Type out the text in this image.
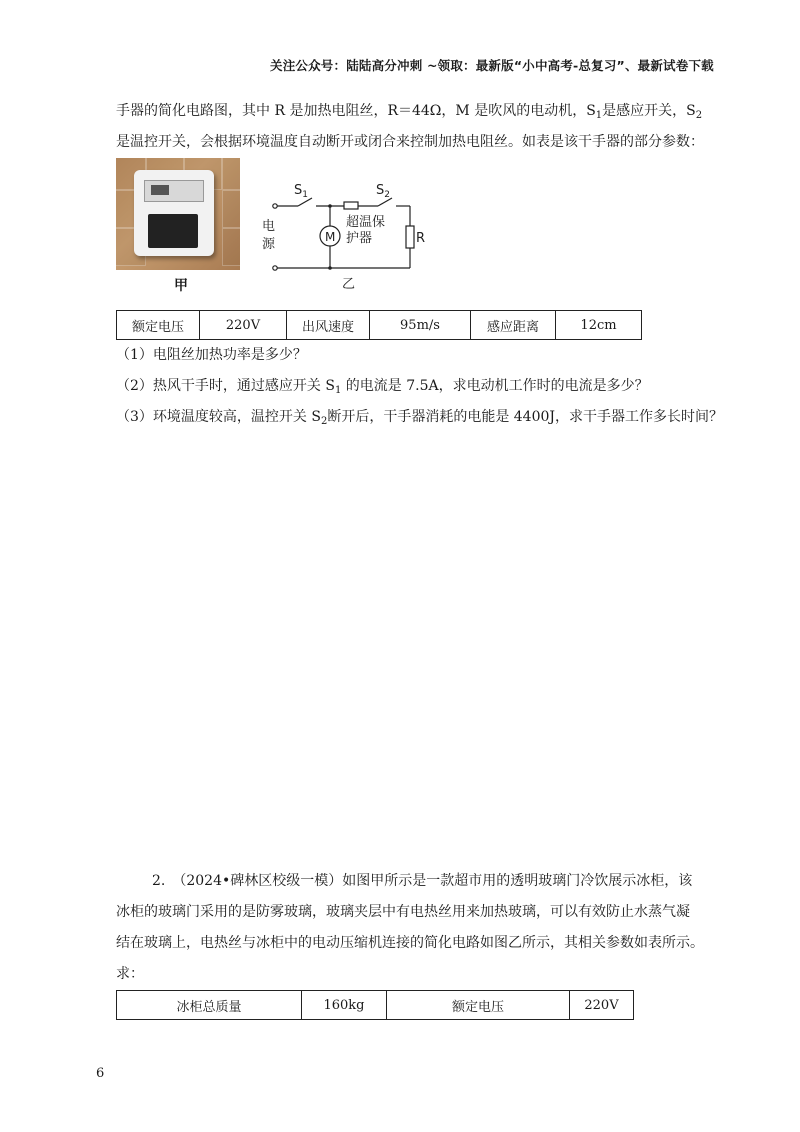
关注公众号：陆陆高分冲刺 ~领取：最新版“小中高考-总复习”、最新试卷下载
手器的简化电路图，其中 R 是加热电阻丝，R＝44Ω，M 是吹风的电动机，$S_1$是感应开关，$S_2$
是温控开关，会根据环境温度自动断开或闭合来控制加热电阻丝。如表是该干手器的部分参数：
甲
$S_1$	$S_2$
电
源
超温保
护器
M	R
乙
额定电压	220V	出风速度	95m/s	感应距离	12cm
（1）电阻丝加热功率是多少？
（2）热风干手时，通过感应开关 $S_1$ 的电流是 7.5A，求电动机工作时的电流是多少？
（3）环境温度较高，温控开关 $S_2$断开后，干手器消耗的电能是 4400J，求干手器工作多长时间？
2.　（2024•碑林区校级一模）如图甲所示是一款超市用的透明玻璃门冷饮展示冰柜，该
冰柜的玻璃门采用的是防雾玻璃，玻璃夹层中有电热丝用来加热玻璃，可以有效防止水蒸气凝
结在玻璃上，电热丝与冰柜中的电动压缩机连接的简化电路如图乙所示，其相关参数如表所示。
求：
冰柜总质量	160kg	额定电压	220V
6
